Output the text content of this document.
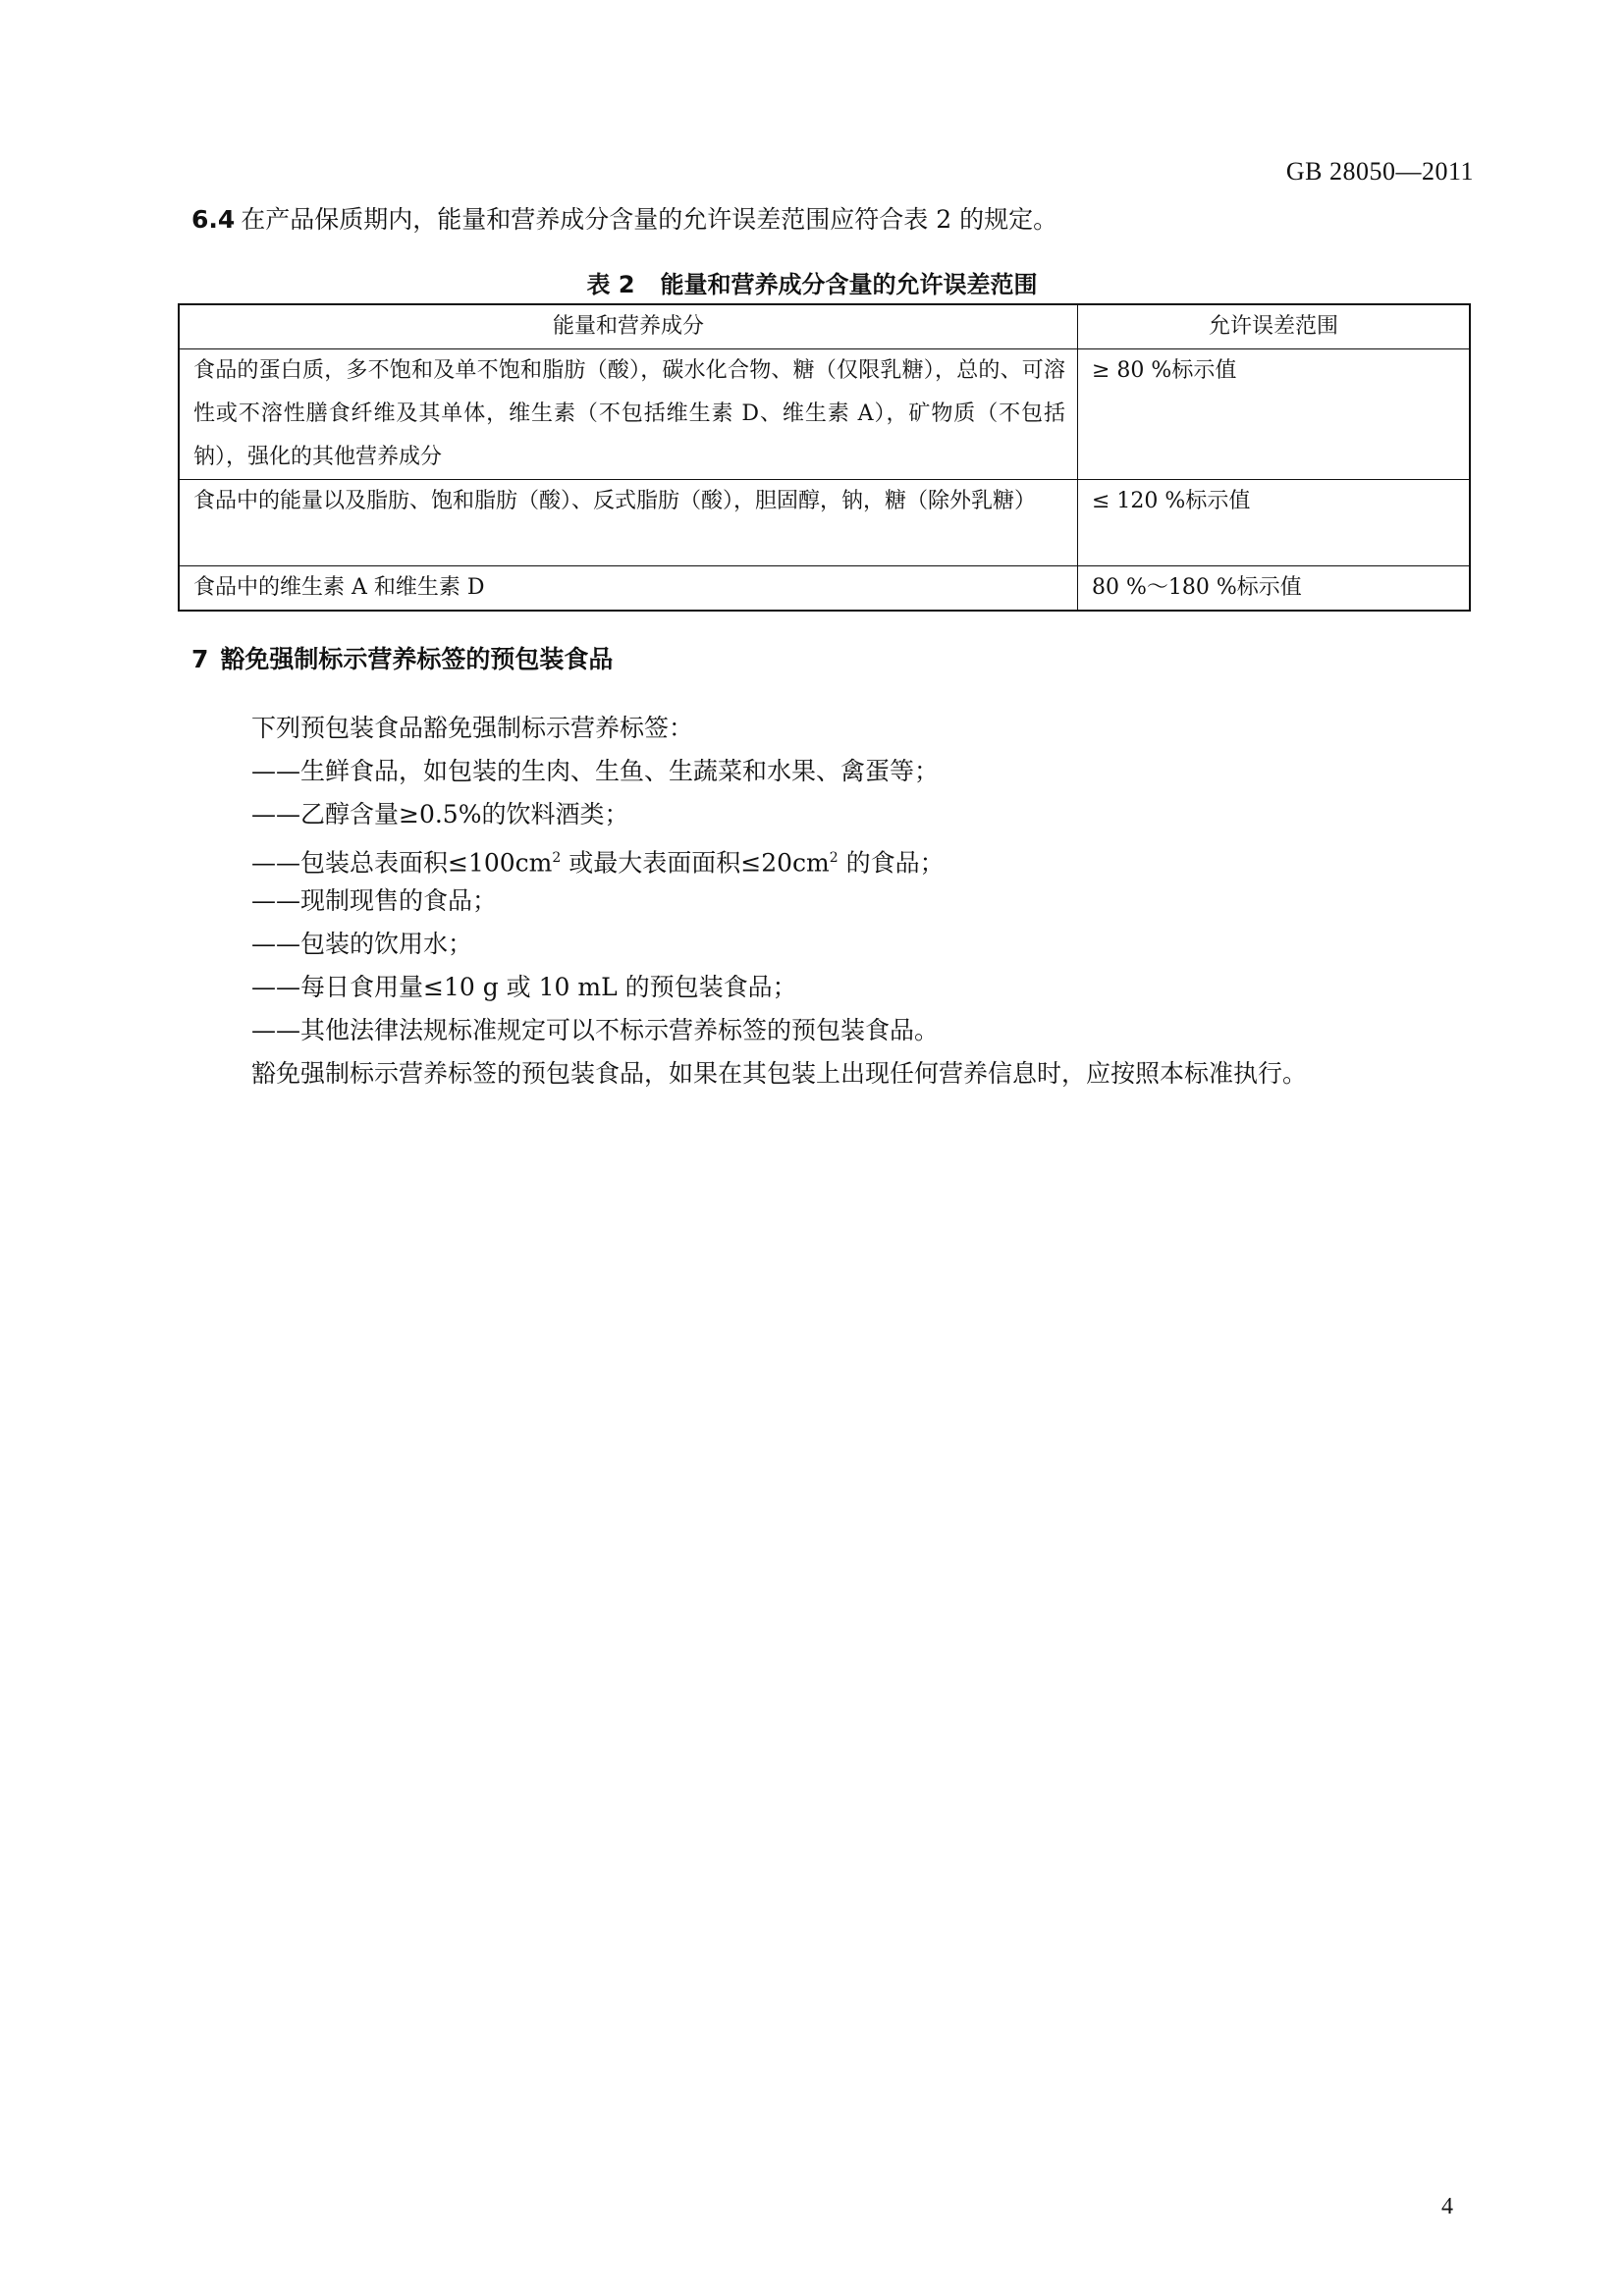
GB 28050—2011
6.4 在产品保质期内，能量和营养成分含量的允许误差范围应符合表 2 的规定。
表 2 能量和营养成分含量的允许误差范围
能量和营养成分	允许误差范围
食品的蛋白质，多不饱和及单不饱和脂肪（酸），碳水化合物、糖（仅限乳糖），总的、可溶性或不溶性膳食纤维及其单体，维生素（不包括维生素 D、维生素 A），矿物质（不包括钠），强化的其他营养成分	≥ 80 %标示值
食品中的能量以及脂肪、饱和脂肪（酸）、反式脂肪（酸），胆固醇，钠，糖（除外乳糖）	≤ 120 %标示值
食品中的维生素 A 和维生素 D	80 %～180 %标示值
7 豁免强制标示营养标签的预包装食品

下列预包装食品豁免强制标示营养标签：

——生鲜食品，如包装的生肉、生鱼、生蔬菜和水果、禽蛋等；

——乙醇含量≥0.5%的饮料酒类；

——包装总表面积$\le 100cm^2$ 或最大表面面积$\le 20cm^2$ 的食品；

——现制现售的食品；

——包装的饮用水；

——每日食用量≤10 g 或 10 mL 的预包装食品；

——其他法律法规标准规定可以不标示营养标签的预包装食品。

豁免强制标示营养标签的预包装食品，如果在其包装上出现任何营养信息时，应按照本标准执行。

4
